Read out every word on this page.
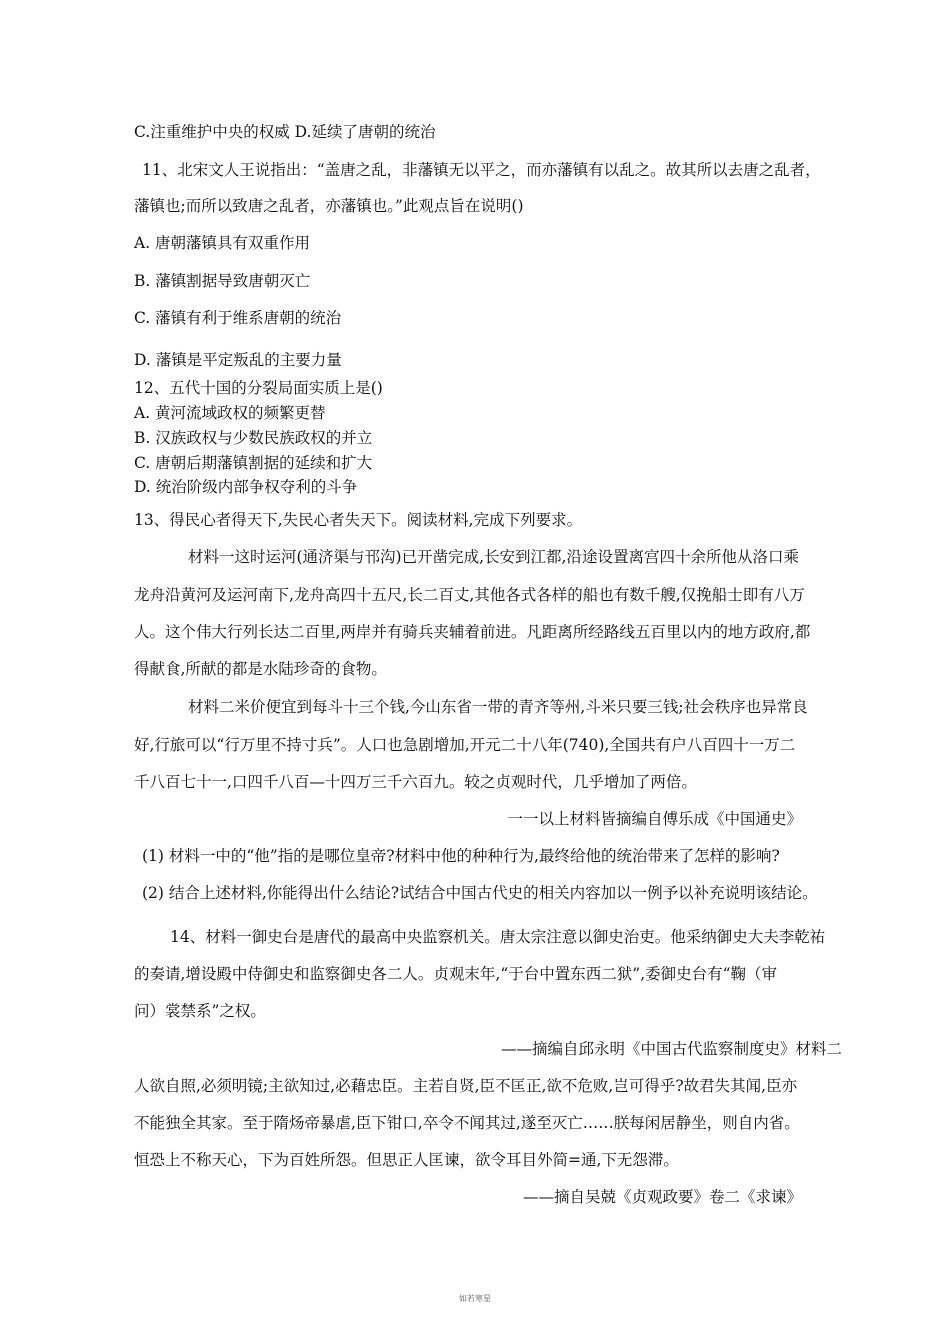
C.注重维护中央的权威 D.延续了唐朝的统治
11、北宋文人王说指出：“盖唐之乱，非藩镇无以平之，而亦藩镇有以乱之。故其所以去唐之乱者，
藩镇也;而所以致唐之乱者，亦藩镇也。”此观点旨在说明()
A. 唐朝藩镇具有双重作用
B. 藩镇割据导致唐朝灭亡
C. 藩镇有利于维系唐朝的统治
D. 藩镇是平定叛乱的主要力量
12、五代十国的分裂局面实质上是()
A. 黄河流域政权的频繁更替
B. 汉族政权与少数民族政权的并立
C. 唐朝后期藩镇割据的延续和扩大
D. 统治阶级内部争权夺利的斗争
13、得民心者得天下,失民心者失天下。阅读材料,完成下列要求。
材料一这时运河(通济渠与邗沟)已开凿完成,长安到江都,沿途设置离宫四十余所他从洛口乘
龙舟沿黄河及运河南下,龙舟高四十五尺,长二百丈,其他各式各样的船也有数千艘,仅挽船士即有八万
人。这个伟大行列长达二百里,两岸并有骑兵夹辅着前进。凡距离所经路线五百里以内的地方政府,都
得献食,所献的都是水陆珍奇的食物。
材料二米价便宜到每斗十三个钱,今山东省一带的青齐等州,斗米只要三钱;社会秩序也异常良
好,行旅可以“行万里不持寸兵”。人口也急剧增加,开元二十八年(740),全国共有户八百四十一万二
千八百七十一,口四千八百—十四万三千六百九。较之贞观时代，几乎增加了两倍。
一一以上材料皆摘编自傅乐成《中国通史》
(1) 材料一中的“他”指的是哪位皇帝?材料中他的种种行为,最终给他的统治带来了怎样的影响?
(2) 结合上述材料,你能得出什么结论?试结合中国古代史的相关内容加以一例予以补充说明该结论。
14、材料一御史台是唐代的最高中央监察机关。唐太宗注意以御史治吏。他采纳御史大夫李乾祐
的奏请,增设殿中侍御史和监察御史各二人。贞观末年,“于台中置东西二狱”,委御史台有“鞠（审
问）裳禁系”之权。
——摘编自邱永明《中国古代监察制度史》材料二
人欲自照,必须明镜;主欲知过,必藉忠臣。主若自贤,臣不匡正,欲不危败,岂可得乎?故君失其闻,臣亦
不能独全其家。至于隋炀帝暴虐,臣下钳口,卒令不闻其过,遂至灭亡……朕每闲居静坐，则自内省。
恒恐上不称天心，下为百姓所怨。但思正人匡谏，欲令耳目外简=通,下无怨滞。
——摘自吴兢《贞观政要》卷二《求谏》
如若寒星
